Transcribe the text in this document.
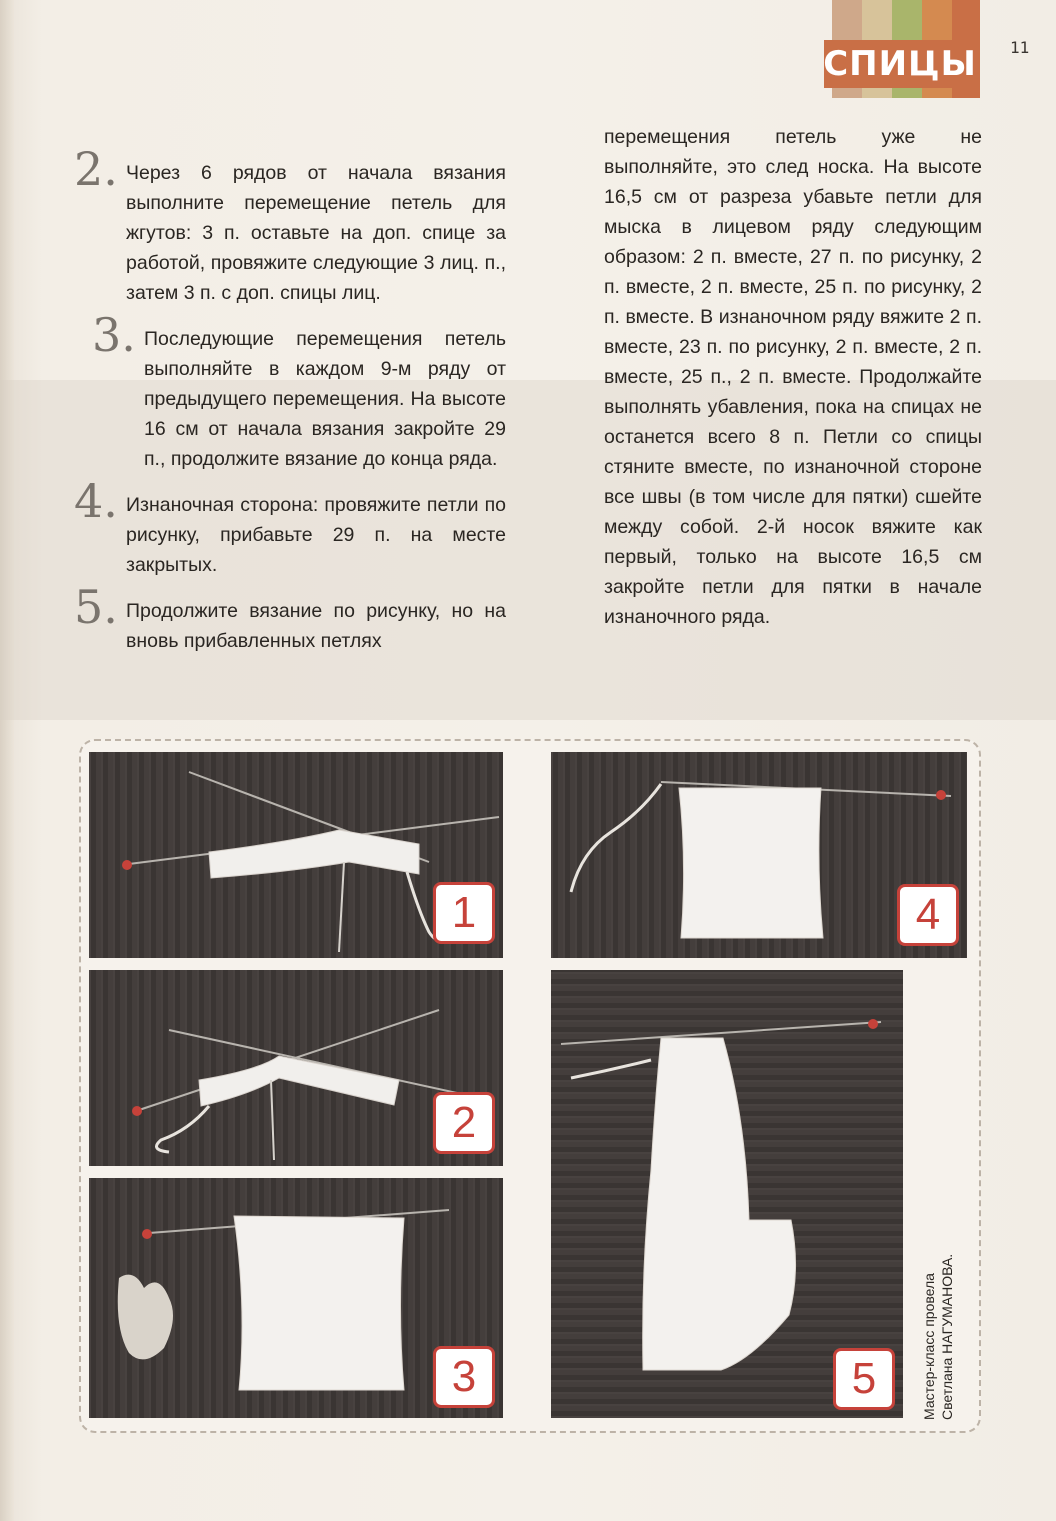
СПИЦЫ 11
2. Через 6 рядов от начала вязания выполните перемещение петель для жгутов: 3 п. оставьте на доп. спице за работой, провяжите следующие 3 лиц. п., затем 3 п. с доп. спицы лиц.
3. Последующие перемещения петель выполняйте в каждом 9-м ряду от предыдущего перемещения. На высоте 16 см от начала вязания закройте 29 п., продолжите вязание до конца ряда.
4. Изнаночная сторона: провяжите петли по рисунку, прибавьте 29 п. на месте закрытых.
5. Продолжите вязание по рисунку, но на вновь прибавленных петлях
перемещения петель уже не выполняйте, это след носка. На высоте 16,5 см от разреза убавьте петли для мыска в лицевом ряду следующим образом: 2 п. вместе, 27 п. по рисунку, 2 п. вместе, 2 п. вместе, 25 п. по рисунку, 2 п. вместе. В изнаночном ряду вяжите 2 п. вместе, 23 п. по рисунку, 2 п. вместе, 2 п. вместе, 25 п., 2 п. вместе. Продолжайте выполнять убавления, пока на спицах не останется всего 8 п. Петли со спицы стяните вместе, по изнаночной стороне все швы (в том числе для пятки) сшейте между собой. 2-й носок вяжите как первый, только на высоте 16,5 см закройте петли для пятки в начале изнаночного ряда.
1
2
3
4
5	Мастер-класс провела Светлана НАГУМАНОВА.
